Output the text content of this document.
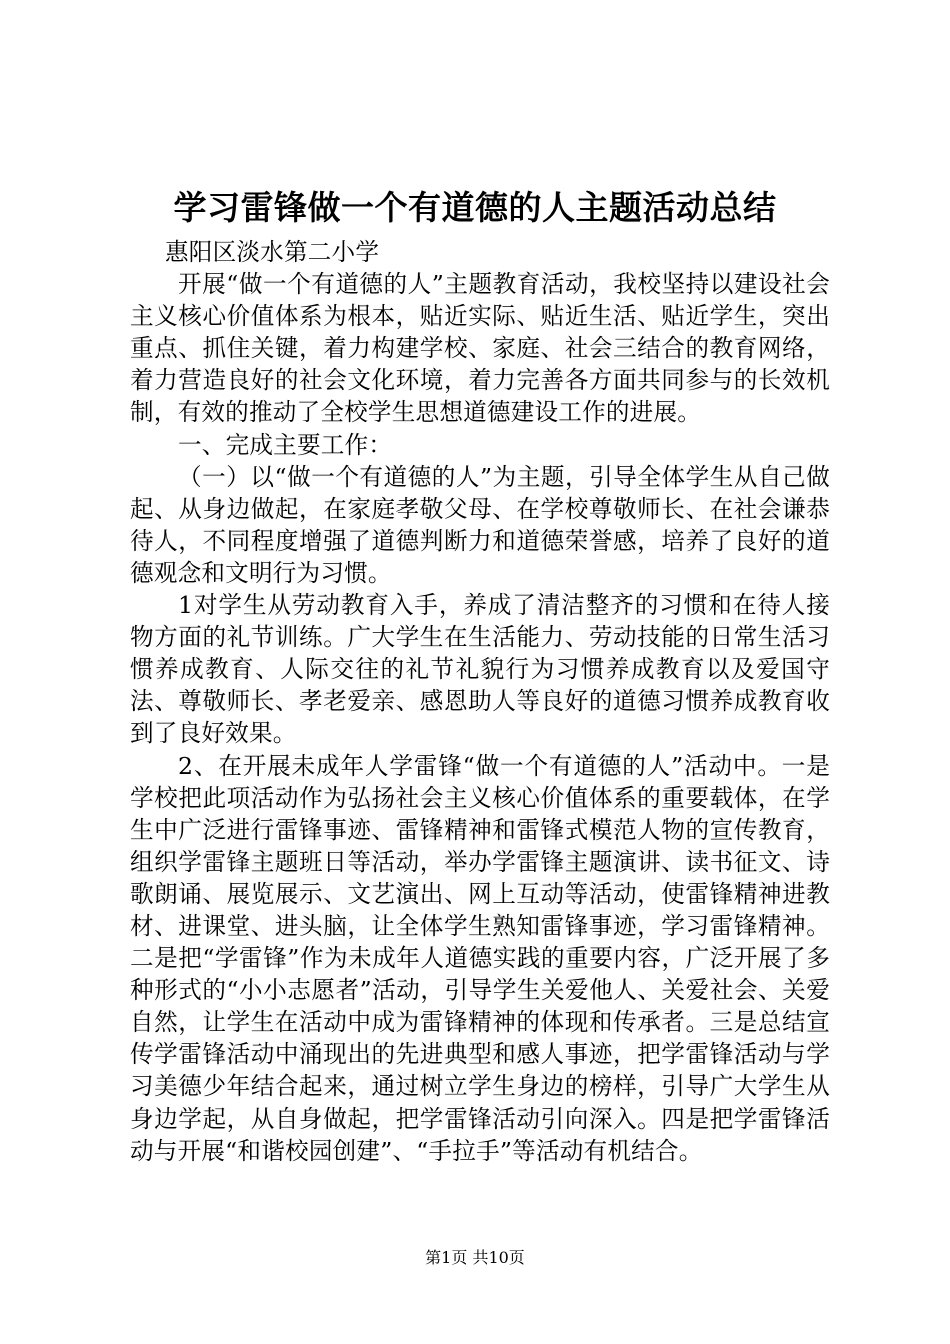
学习雷锋做一个有道德的人主题活动总结

惠阳区淡水第二小学

开展“做一个有道德的人”主题教育活动，我校坚持以建设社会主义核心价值体系为根本，贴近实际、贴近生活、贴近学生，突出重点、抓住关键，着力构建学校、家庭、社会三结合的教育网络，着力营造良好的社会文化环境，着力完善各方面共同参与的长效机制，有效的推动了全校学生思想道德建设工作的进展。

一、完成主要工作：

（一）以“做一个有道德的人”为主题，引导全体学生从自己做起、从身边做起，在家庭孝敬父母、在学校尊敬师长、在社会谦恭待人，不同程度增强了道德判断力和道德荣誉感，培养了良好的道德观念和文明行为习惯。

1对学生从劳动教育入手，养成了清洁整齐的习惯和在待人接物方面的礼节训练。广大学生在生活能力、劳动技能的日常生活习惯养成教育、人际交往的礼节礼貌行为习惯养成教育以及爱国守法、尊敬师长、孝老爱亲、感恩助人等良好的道德习惯养成教育收到了良好效果。

2、在开展未成年人学雷锋“做一个有道德的人”活动中。一是学校把此项活动作为弘扬社会主义核心价值体系的重要载体，在学生中广泛进行雷锋事迹、雷锋精神和雷锋式模范人物的宣传教育，组织学雷锋主题班日等活动，举办学雷锋主题演讲、读书征文、诗歌朗诵、展览展示、文艺演出、网上互动等活动，使雷锋精神进教材、进课堂、进头脑，让全体学生熟知雷锋事迹，学习雷锋精神。二是把“学雷锋”作为未成年人道德实践的重要内容，广泛开展了多种形式的“小小志愿者”活动，引导学生关爱他人、关爱社会、关爱自然，让学生在活动中成为雷锋精神的体现和传承者。三是总结宣传学雷锋活动中涌现出的先进典型和感人事迹，把学雷锋活动与学习美德少年结合起来，通过树立学生身边的榜样，引导广大学生从身边学起，从自身做起，把学雷锋活动引向深入。四是把学雷锋活动与开展“和谐校园创建”、“手拉手”等活动有机结合。

第1页 共10页
